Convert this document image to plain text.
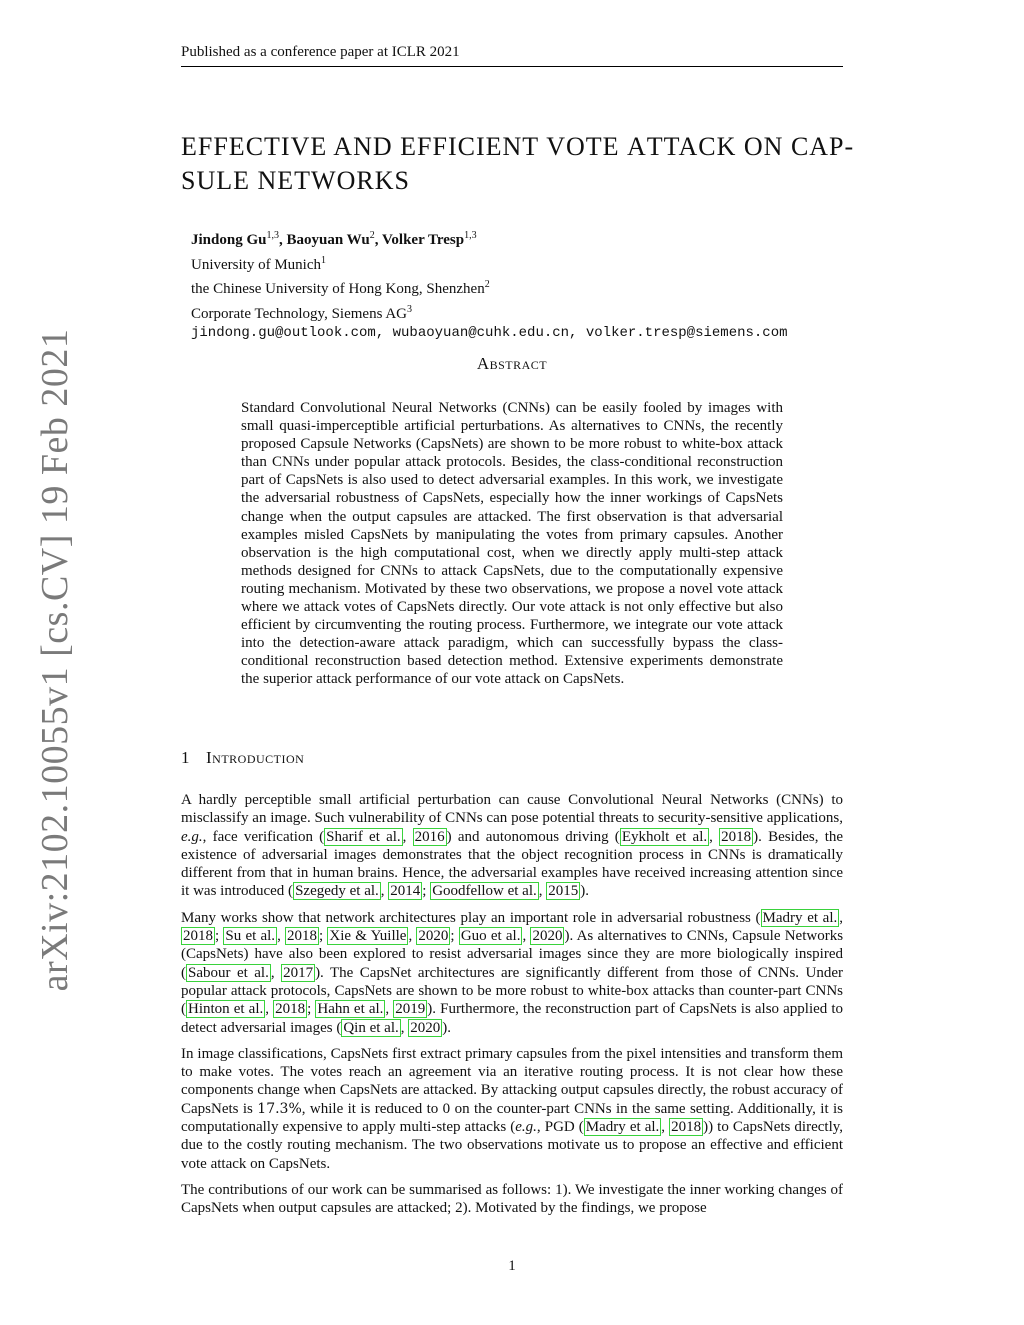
Published as a conference paper at ICLR 2021
EFFECTIVE AND EFFICIENT VOTE ATTACK ON CAP-
SULE NETWORKS
Jindong Gu$^{1,3}$, Baoyuan Wu$^2$, Volker Tresp$^{1,3}$
University of Munich$^1$
the Chinese University of Hong Kong, Shenzhen$^2$
Corporate Technology, Siemens $AG^3$
jindong.gu@outlook.com, wubaoyuan@cuhk.edu.cn, volker.tresp@siemens.com
Abstract

Standard Convolutional Neural Networks (CNNs) can be easily fooled by images with small quasi-imperceptible artificial perturbations. As alternatives to CNNs, the recently proposed Capsule Networks (CapsNets) are shown to be more robust to white-box attack than CNNs under popular attack protocols. Besides, the class-conditional reconstruction part of CapsNets is also used to detect adversarial examples. In this work, we investigate the adversarial robustness of CapsNets, especially how the inner workings of CapsNets change when the output capsules are attacked. The first observation is that adversarial examples misled CapsNets by manipulating the votes from primary capsules. Another observation is the high computational cost, when we directly apply multi-step attack methods designed for CNNs to attack CapsNets, due to the computationally expensive routing mechanism. Motivated by these two observations, we propose a novel vote attack where we attack votes of CapsNets directly. Our vote attack is not only effective but also efficient by circumventing the routing process. Furthermore, we integrate our vote attack into the detection-aware attack paradigm, which can successfully bypass the class-conditional reconstruction based detection method. Extensive experiments demonstrate the superior attack performance of our vote attack on CapsNets.

1 Introduction

A hardly perceptible small artificial perturbation can cause Convolutional Neural Networks (CNNs) to misclassify an image. Such vulnerability of CNNs can pose potential threats to security-sensitive applications, e.g., face verification ( Sharif et al. , 2016 ) and autonomous driving ( Eykholt et al. , 2018 ). Besides, the existence of adversarial images demonstrates that the object recognition process in CNNs is dramatically different from that in human brains. Hence, the adversarial examples have received increasing attention since it was introduced ( Szegedy et al. , 2014 ; Goodfellow et al. , 2015 ).

Many works show that network architectures play an important role in adversarial robustness ( Madry et al. , 2018 ; Su et al. , 2018 ; Xie & Yuille , 2020 ; Guo et al. , 2020 ). As alternatives to CNNs, Capsule Networks (CapsNets) have also been explored to resist adversarial images since they are more biologically inspired ( Sabour et al. , 2017 ). The CapsNet architectures are significantly different from those of CNNs. Under popular attack protocols, CapsNets are shown to be more robust to white-box attacks than counter-part CNNs ( Hinton et al. , 2018 ; Hahn et al. , 2019 ). Furthermore, the reconstruction part of CapsNets is also applied to detect adversarial images ( Qin et al. , 2020 ).

In image classifications, CapsNets first extract primary capsules from the pixel intensities and transform them to make votes. The votes reach an agreement via an iterative routing process. It is not clear how these components change when CapsNets are attacked. By attacking output capsules directly, the robust accuracy of CapsNets is 17.3%, while it is reduced to 0 on the counter-part CNNs in the same setting. Additionally, it is computationally expensive to apply multi-step attacks (e.g., PGD ( Madry et al. , 2018 )) to CapsNets directly, due to the costly routing mechanism. The two observations motivate us to propose an effective and efficient vote attack on CapsNets.

The contributions of our work can be summarised as follows: 1). We investigate the inner working changes of CapsNets when output capsules are attacked; 2). Motivated by the findings, we propose

arXiv:2102.10055v1 [cs.CV] 19 Feb 2021
1
